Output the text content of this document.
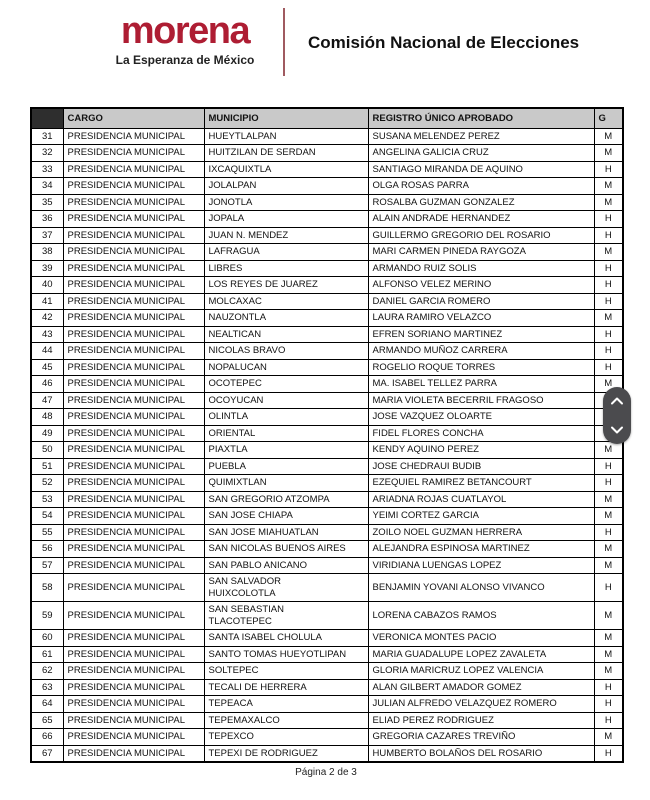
morena
La Esperanza de México
Comisión Nacional de Elecciones
	CARGO	MUNICIPIO	REGISTRO ÚNICO APROBADO	G
31	PRESIDENCIA MUNICIPAL	HUEYTLALPAN	SUSANA MELENDEZ PEREZ	M
32	PRESIDENCIA MUNICIPAL	HUITZILAN DE SERDAN	ANGELINA GALICIA CRUZ	M
33	PRESIDENCIA MUNICIPAL	IXCAQUIXTLA	SANTIAGO MIRANDA DE AQUINO	H
34	PRESIDENCIA MUNICIPAL	JOLALPAN	OLGA ROSAS PARRA	M
35	PRESIDENCIA MUNICIPAL	JONOTLA	ROSALBA GUZMAN GONZALEZ	M
36	PRESIDENCIA MUNICIPAL	JOPALA	ALAIN ANDRADE HERNANDEZ	H
37	PRESIDENCIA MUNICIPAL	JUAN N. MENDEZ	GUILLERMO GREGORIO DEL ROSARIO	H
38	PRESIDENCIA MUNICIPAL	LAFRAGUA	MARI CARMEN PINEDA RAYGOZA	M
39	PRESIDENCIA MUNICIPAL	LIBRES	ARMANDO RUIZ SOLIS	H
40	PRESIDENCIA MUNICIPAL	LOS REYES DE JUAREZ	ALFONSO VELEZ MERINO	H
41	PRESIDENCIA MUNICIPAL	MOLCAXAC	DANIEL GARCIA ROMERO	H
42	PRESIDENCIA MUNICIPAL	NAUZONTLA	LAURA RAMIRO VELAZCO	M
43	PRESIDENCIA MUNICIPAL	NEALTICAN	EFREN SORIANO MARTINEZ	H
44	PRESIDENCIA MUNICIPAL	NICOLAS BRAVO	ARMANDO MUÑOZ CARRERA	H
45	PRESIDENCIA MUNICIPAL	NOPALUCAN	ROGELIO ROQUE TORRES	H
46	PRESIDENCIA MUNICIPAL	OCOTEPEC	MA. ISABEL TELLEZ PARRA	M
47	PRESIDENCIA MUNICIPAL	OCOYUCAN	MARIA VIOLETA BECERRIL FRAGOSO	
48	PRESIDENCIA MUNICIPAL	OLINTLA	JOSE VAZQUEZ OLOARTE	
49	PRESIDENCIA MUNICIPAL	ORIENTAL	FIDEL FLORES CONCHA	
50	PRESIDENCIA MUNICIPAL	PIAXTLA	KENDY AQUINO PEREZ	M
51	PRESIDENCIA MUNICIPAL	PUEBLA	JOSE CHEDRAUI BUDIB	H
52	PRESIDENCIA MUNICIPAL	QUIMIXTLAN	EZEQUIEL RAMIREZ BETANCOURT	H
53	PRESIDENCIA MUNICIPAL	SAN GREGORIO ATZOMPA	ARIADNA ROJAS CUATLAYOL	M
54	PRESIDENCIA MUNICIPAL	SAN JOSE CHIAPA	YEIMI CORTEZ GARCIA	M
55	PRESIDENCIA MUNICIPAL	SAN JOSE MIAHUATLAN	ZOILO NOEL GUZMAN HERRERA	H
56	PRESIDENCIA MUNICIPAL	SAN NICOLAS BUENOS AIRES	ALEJANDRA ESPINOSA MARTINEZ	M
57	PRESIDENCIA MUNICIPAL	SAN PABLO ANICANO	VIRIDIANA LUENGAS LOPEZ	M
58	PRESIDENCIA MUNICIPAL	SAN SALVADOR
HUIXCOLOTLA	BENJAMIN YOVANI ALONSO VIVANCO	H
59	PRESIDENCIA MUNICIPAL	SAN SEBASTIAN
TLACOTEPEC	LORENA CABAZOS RAMOS	M
60	PRESIDENCIA MUNICIPAL	SANTA ISABEL CHOLULA	VERONICA MONTES PACIO	M
61	PRESIDENCIA MUNICIPAL	SANTO TOMAS HUEYOTLIPAN	MARIA GUADALUPE LOPEZ ZAVALETA	M
62	PRESIDENCIA MUNICIPAL	SOLTEPEC	GLORIA MARICRUZ LOPEZ VALENCIA	M
63	PRESIDENCIA MUNICIPAL	TECALI DE HERRERA	ALAN GILBERT AMADOR GOMEZ	H
64	PRESIDENCIA MUNICIPAL	TEPEACA	JULIAN ALFREDO VELAZQUEZ ROMERO	H
65	PRESIDENCIA MUNICIPAL	TEPEMAXALCO	ELIAD PEREZ RODRIGUEZ	H
66	PRESIDENCIA MUNICIPAL	TEPEXCO	GREGORIA CAZARES TREVIÑO	M
67	PRESIDENCIA MUNICIPAL	TEPEXI DE RODRIGUEZ	HUMBERTO BOLAÑOS DEL ROSARIO	H
Página 2 de 3
